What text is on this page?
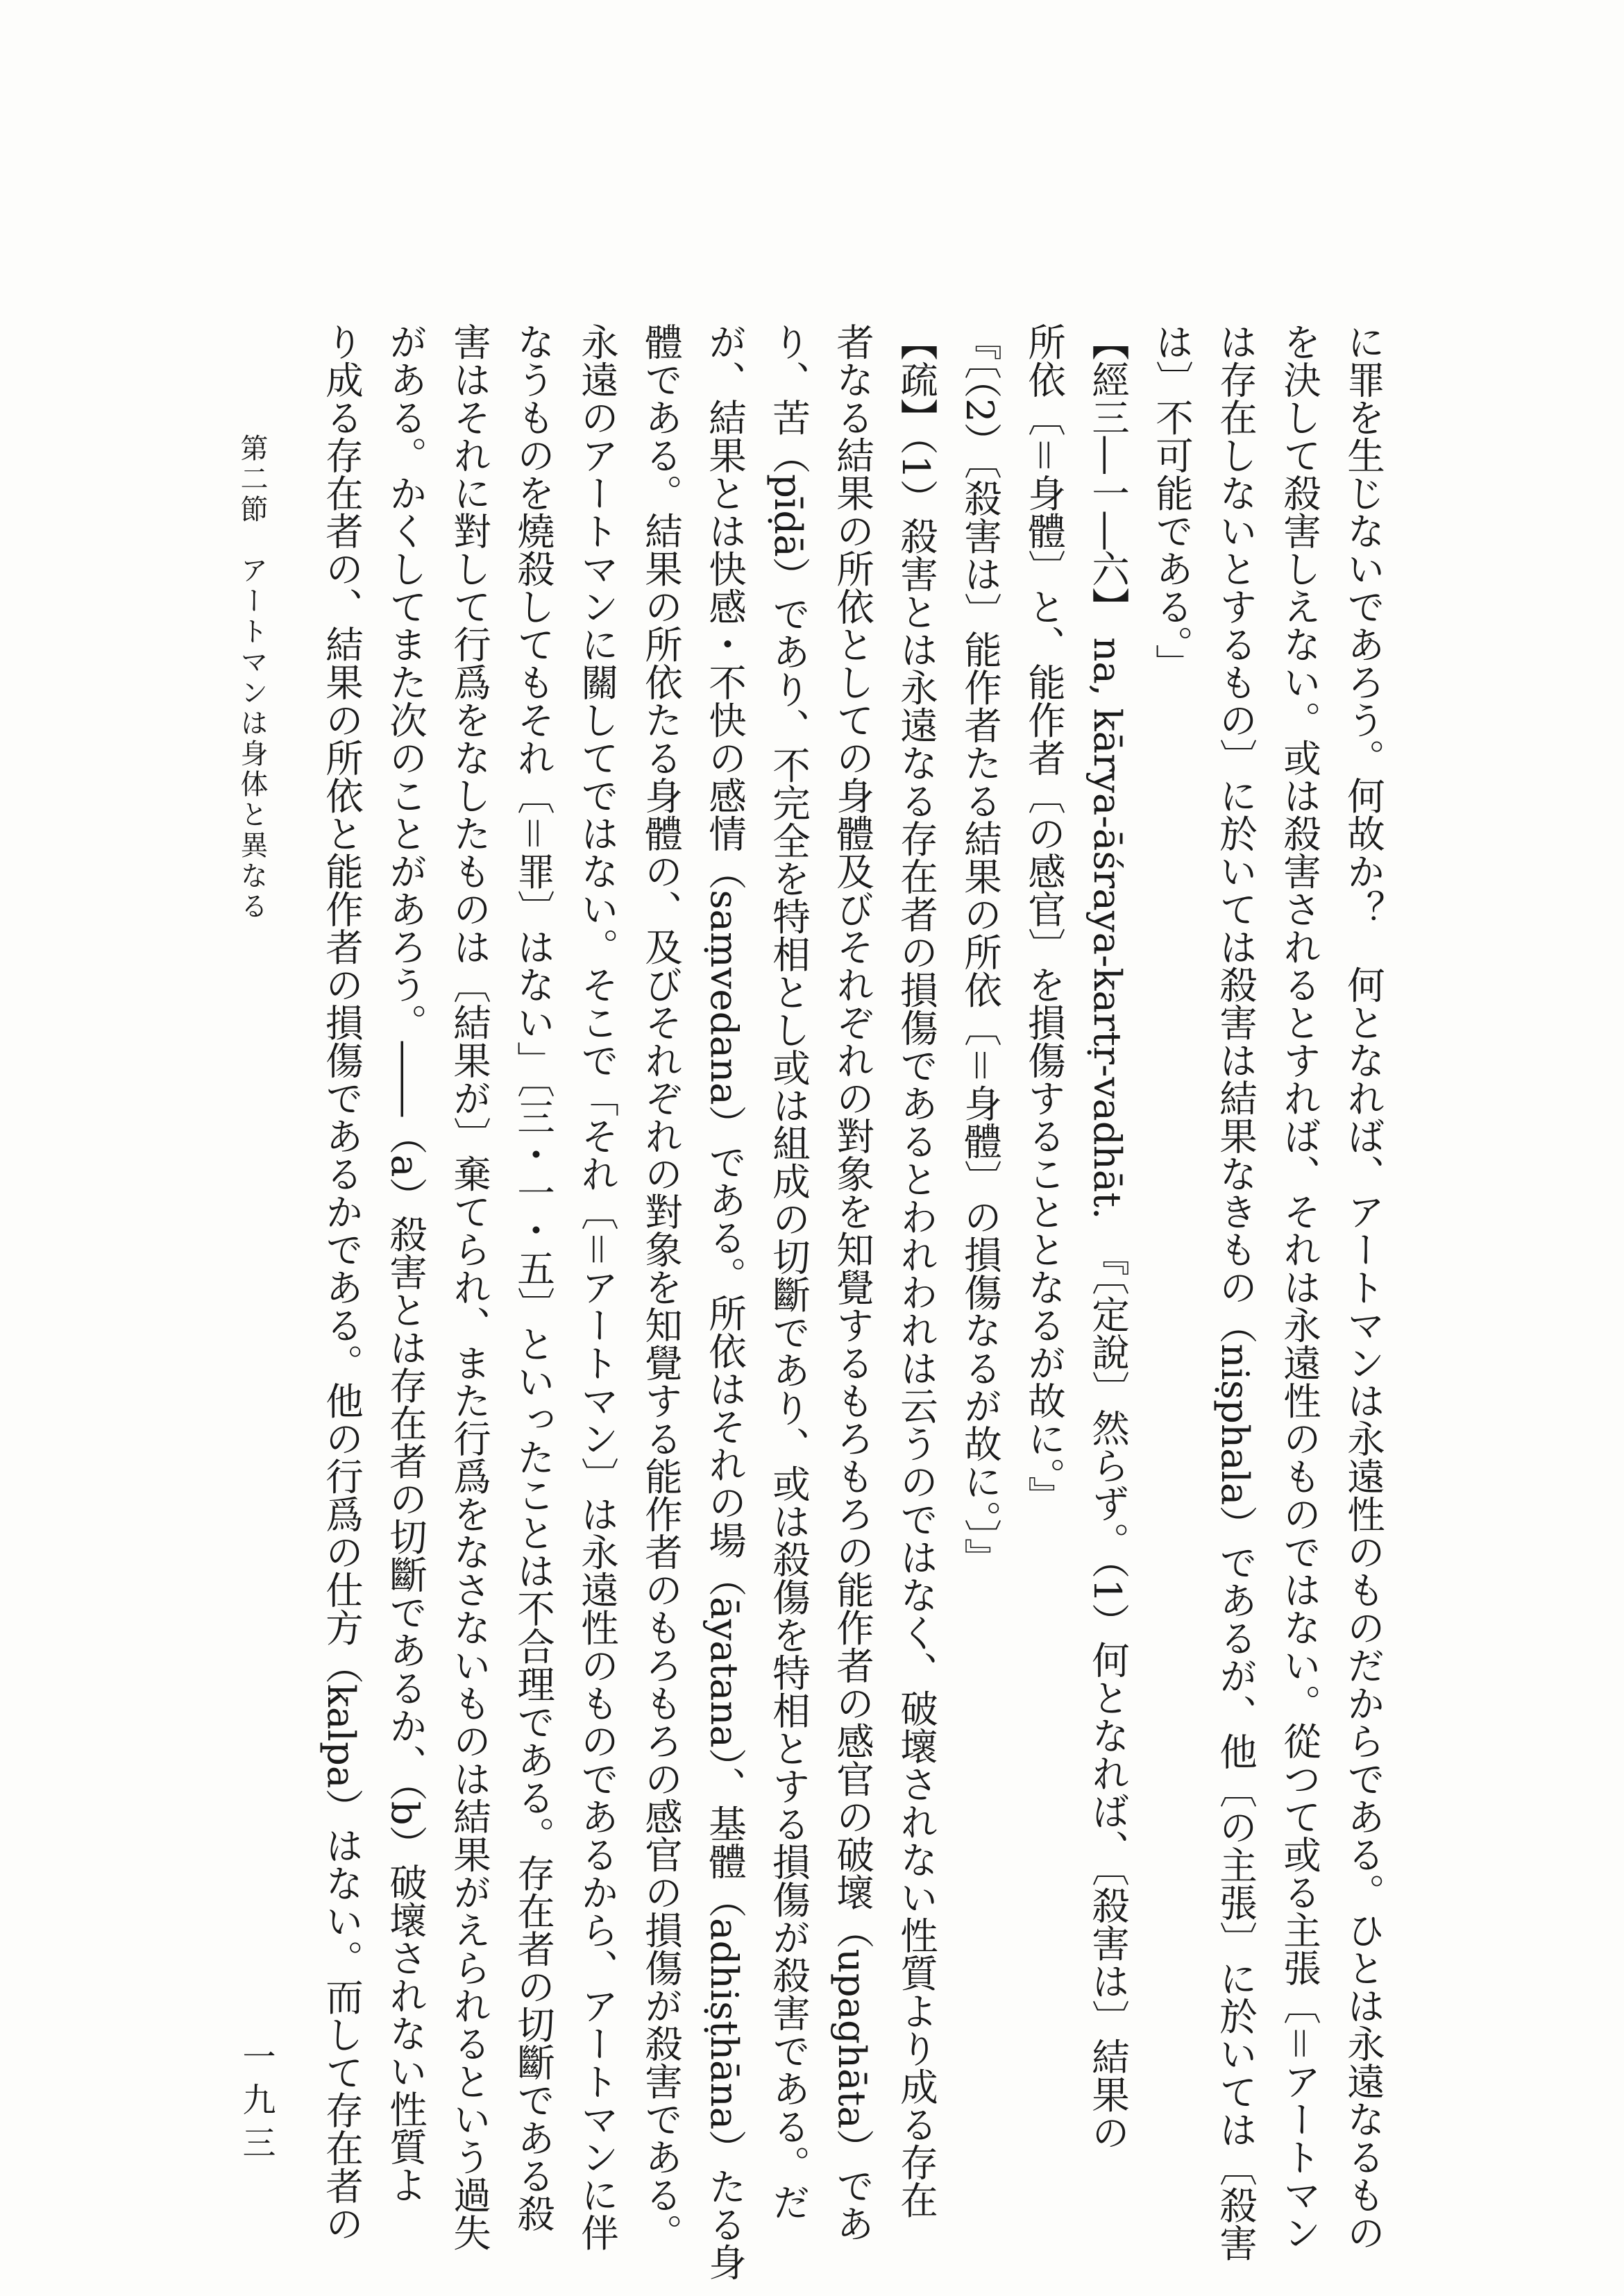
に罪を生じないであろう。何故か？　何となれば、アートマンは永遠性のものだからである。ひとは永遠なるもの
を決して殺害しえない。或は殺害されるとすれば、それは永遠性のものではない。從つて或る主張〔＝アートマン
は存在しないとするもの〕に於いては殺害は結果なきもの（niṣphala）であるが、他〔の主張〕に於いては〔殺害
は〕不可能である。」
【經三―一―六】 na, kārya-āśraya-kartṛ-vadhāt.　『〔定說〕然らず。（1）何となれば、〔殺害は〕結果の
所依〔＝身體〕と、能作者〔の感官〕を損傷することとなるが故に。』
『〔（2）〔殺害は〕能作者たる結果の所依〔＝身體〕の損傷なるが故に。〕』
【疏】（1）殺害とは永遠なる存在者の損傷であるとわれわれは云うのではなく、破壞されない性質より成る存在
者なる結果の所依としての身體及びそれぞれの對象を知覺するもろもろの能作者の感官の破壞（upaghāta）であ
り、苦（pīḍā）であり、不完全を特相とし或は組成の切斷であり、或は殺傷を特相とする損傷が殺害である。だ
が、結果とは快感・不快の感情（saṃvedana）である。所依はそれの場（āyatana）、基體（adhiṣṭhāna）たる身
體である。結果の所依たる身體の、及びそれぞれの對象を知覺する能作者のもろもろの感官の損傷が殺害である。
永遠のアートマンに關してではない。そこで「それ〔＝アートマン〕は永遠性のものであるから、アートマンに伴
なうものを燒殺してもそれ〔＝罪〕はない」〔三・一・五〕といったことは不合理である。存在者の切斷である殺
害はそれに對して行爲をなしたものは〔結果が〕棄てられ、また行爲をなさないものは結果がえられるという過失
がある。かくしてまた次のことがあろう。――（a）殺害とは存在者の切斷であるか、（b）破壞されない性質よ
り成る存在者の、結果の所依と能作者の損傷であるかである。他の行爲の仕方（kalpa）はない。而して存在者の
第二節　アートマンは身体と異なる
一九三
